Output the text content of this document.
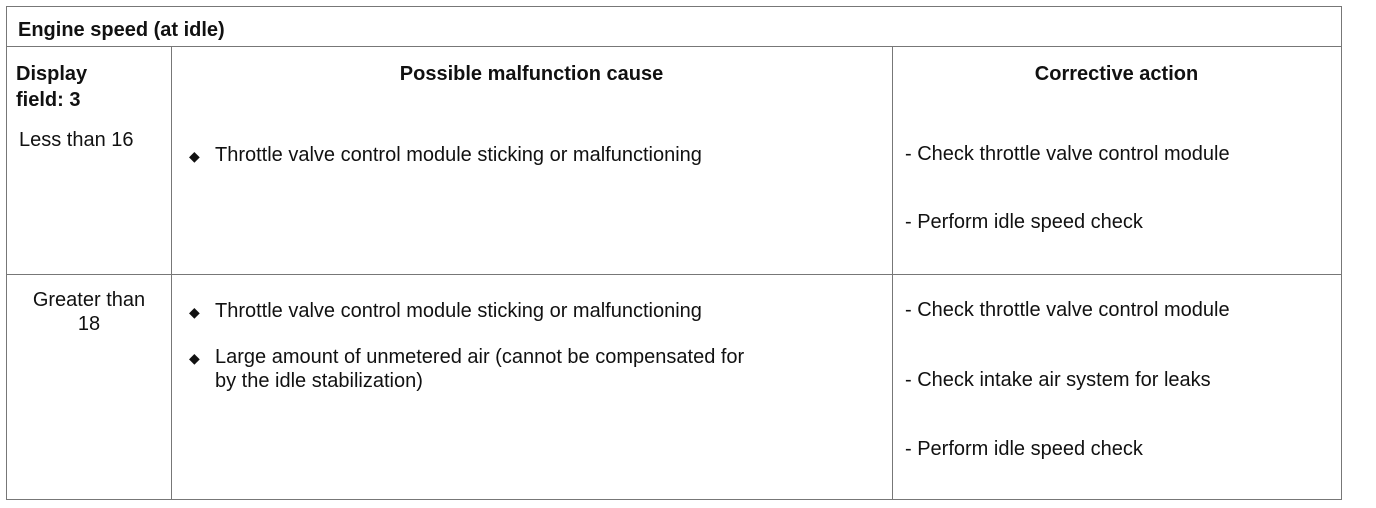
Engine speed (at idle)
Display
field: 3
Possible malfunction cause	Corrective action
Less than 16
◆ Throttle valve control module sticking or malfunctioning	- Check throttle valve control module
- Perform idle speed check
Greater than
18
◆ Throttle valve control module sticking or malfunctioning
◆ Large amount of unmetered air (cannot be compensated for
by the idle stabilization)
- Check throttle valve control module
- Check intake air system for leaks
- Perform idle speed check
